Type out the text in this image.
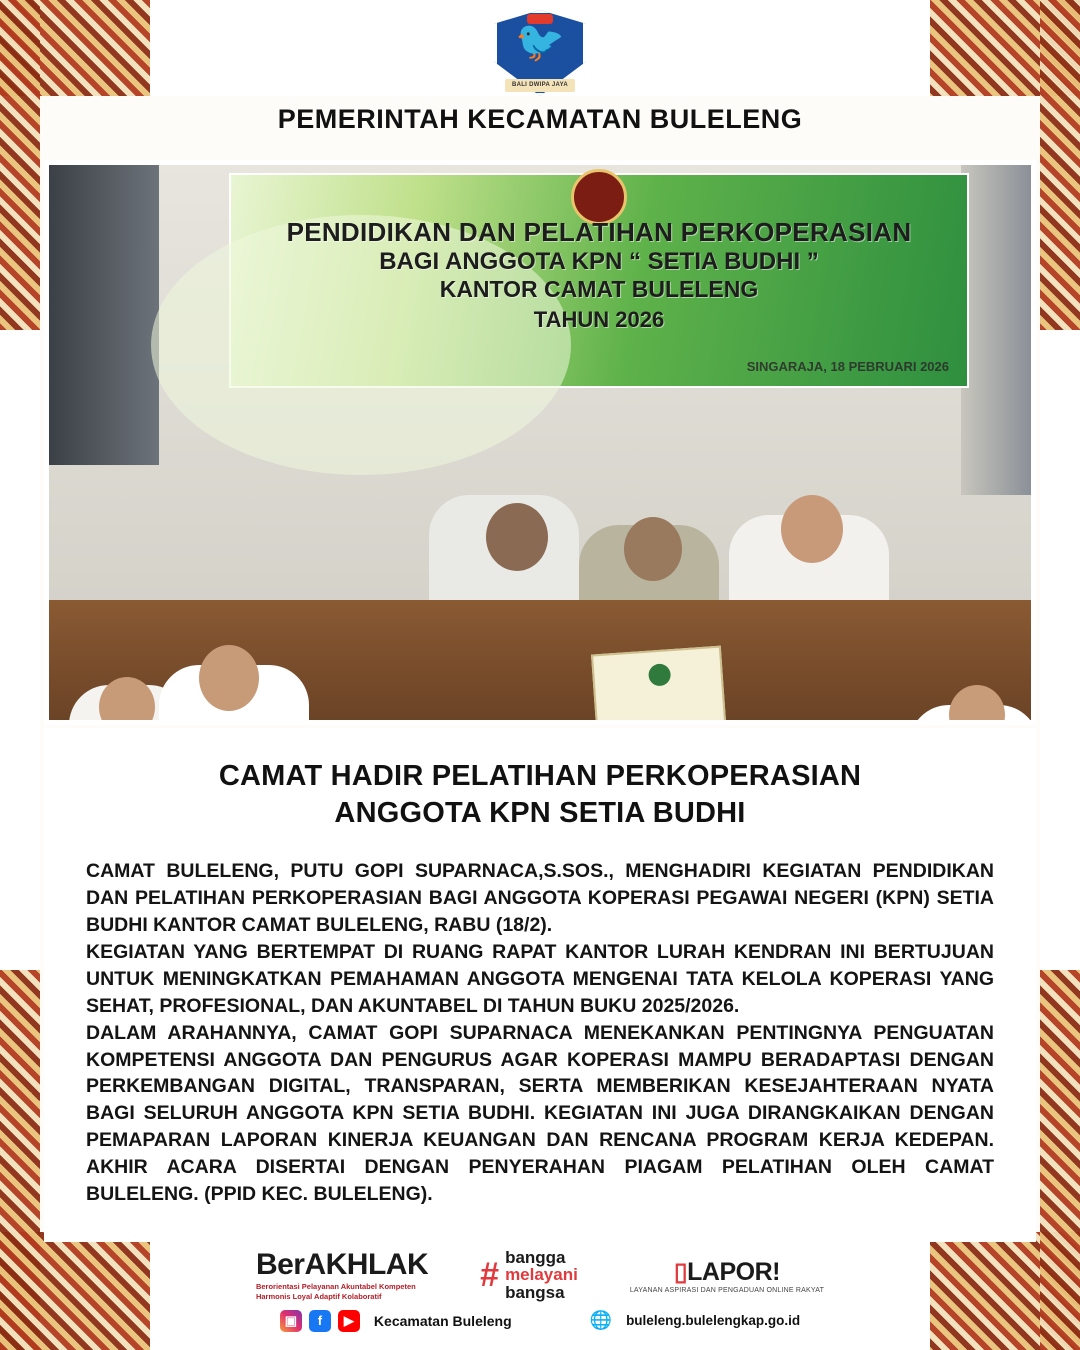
🐦
BALI DWIPA JAYA
PEMERINTAH KECAMATAN BULELENG
PENDIDIKAN DAN PELATIHAN PERKOPERASIAN
BAGI ANGGOTA KPN “ SETIA BUDHI ”
KANTOR CAMAT BULELENG
TAHUN 2026
SINGARAJA, 18 PEBRUARI 2026
CAMAT HADIR PELATIHAN PERKOPERASIAN
ANGGOTA KPN SETIA BUDHI

CAMAT BULELENG, PUTU GOPI SUPARNACA,S.SOS., MENGHADIRI KEGIATAN PENDIDIKAN DAN PELATIHAN PERKOPERASIAN BAGI ANGGOTA KOPERASI PEGAWAI NEGERI (KPN) SETIA BUDHI KANTOR CAMAT BULELENG, RABU (18/2).

KEGIATAN YANG BERTEMPAT DI RUANG RAPAT KANTOR LURAH KENDRAN INI BERTUJUAN UNTUK MENINGKATKAN PEMAHAMAN ANGGOTA MENGENAI TATA KELOLA KOPERASI YANG SEHAT, PROFESIONAL, DAN AKUNTABEL DI TAHUN BUKU 2025/2026.

DALAM ARAHANNYA, CAMAT GOPI SUPARNACA MENEKANKAN PENTINGNYA PENGUATAN KOMPETENSI ANGGOTA DAN PENGURUS AGAR KOPERASI MAMPU BERADAPTASI DENGAN PERKEMBANGAN DIGITAL, TRANSPARAN, SERTA MEMBERIKAN KESEJAHTERAAN NYATA BAGI SELURUH ANGGOTA KPN SETIA BUDHI. KEGIATAN INI JUGA DIRANGKAIKAN DENGAN PEMAPARAN LAPORAN KINERJA KEUANGAN DAN RENCANA PROGRAM KERJA KEDEPAN. AKHIR ACARA DISERTAI DENGAN PENYERAHAN PIAGAM PELATIHAN OLEH CAMAT BULELENG. (PPID KEC. BULELENG).

BerAKHLAK
Berorientasi Pelayanan Akuntabel Kompeten
Harmonis Loyal Adaptif Kolaboratif
# bangga
melayani
bangsa
▯LAPOR!
LAYANAN ASPIRASI DAN PENGADUAN ONLINE RAKYAT
▣	f	▶	Kecamatan Buleleng	🌐 buleleng.bulelengkap.go.id
